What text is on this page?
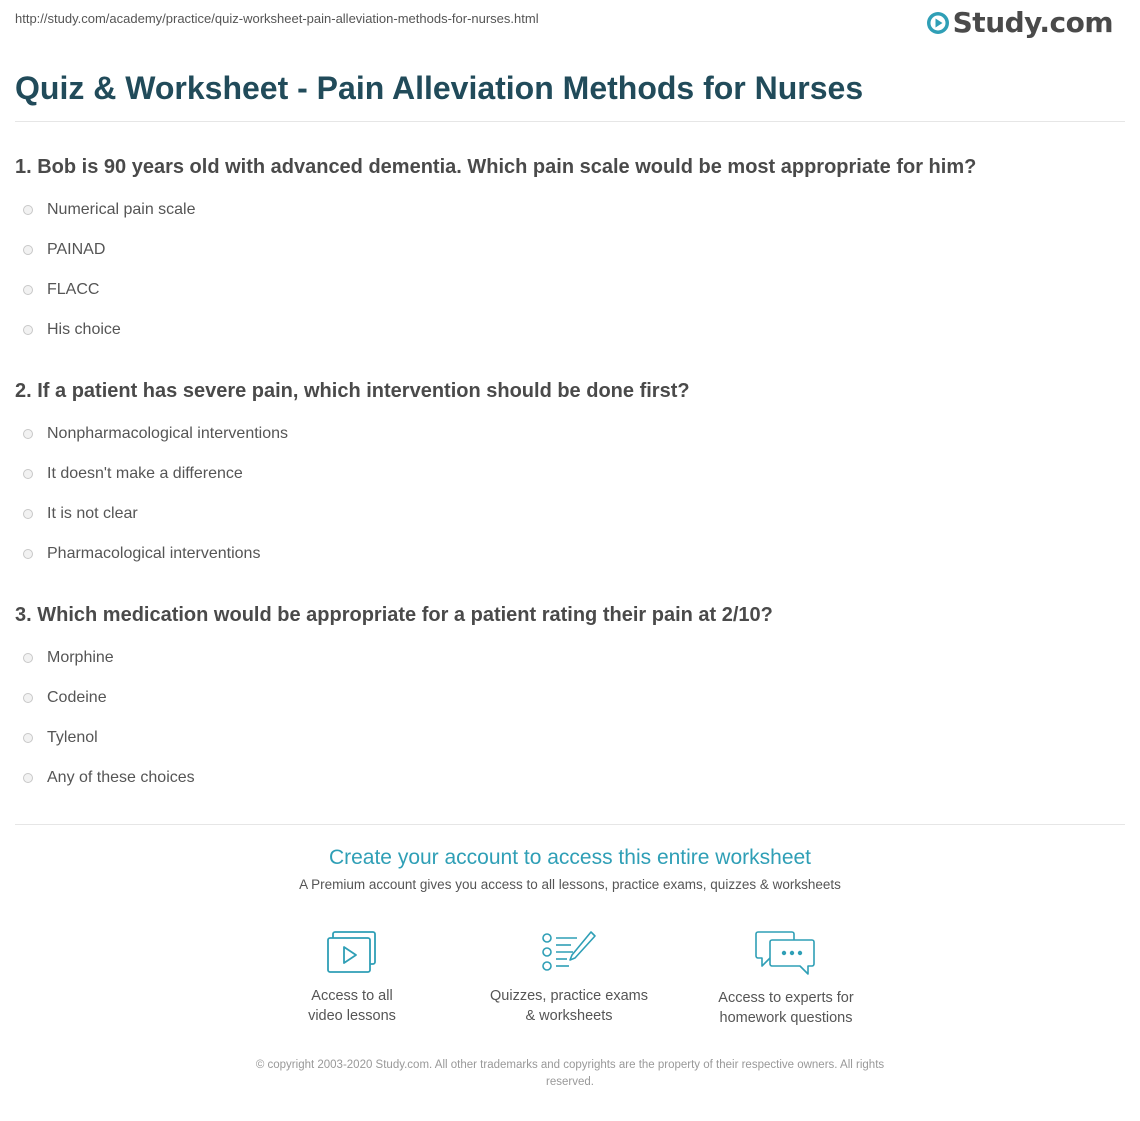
http://study.com/academy/practice/quiz-worksheet-pain-alleviation-methods-for-nurses.html	Study.com
Quiz & Worksheet - Pain Alleviation Methods for Nurses
1. Bob is 90 years old with advanced dementia. Which pain scale would be most appropriate for him?
Numerical pain scale
PAINAD
FLACC
His choice
2. If a patient has severe pain, which intervention should be done first?
Nonpharmacological interventions
It doesn't make a difference
It is not clear
Pharmacological interventions
3. Which medication would be appropriate for a patient rating their pain at 2/10?
Morphine
Codeine
Tylenol
Any of these choices
Create your account to access this entire worksheet
A Premium account gives you access to all lessons, practice exams, quizzes & worksheets
Access to all
video lessons
Quizzes, practice exams
& worksheets
Access to experts for
homework questions
© copyright 2003-2020 Study.com. All other trademarks and copyrights are the property of their respective owners. All rights
reserved.
